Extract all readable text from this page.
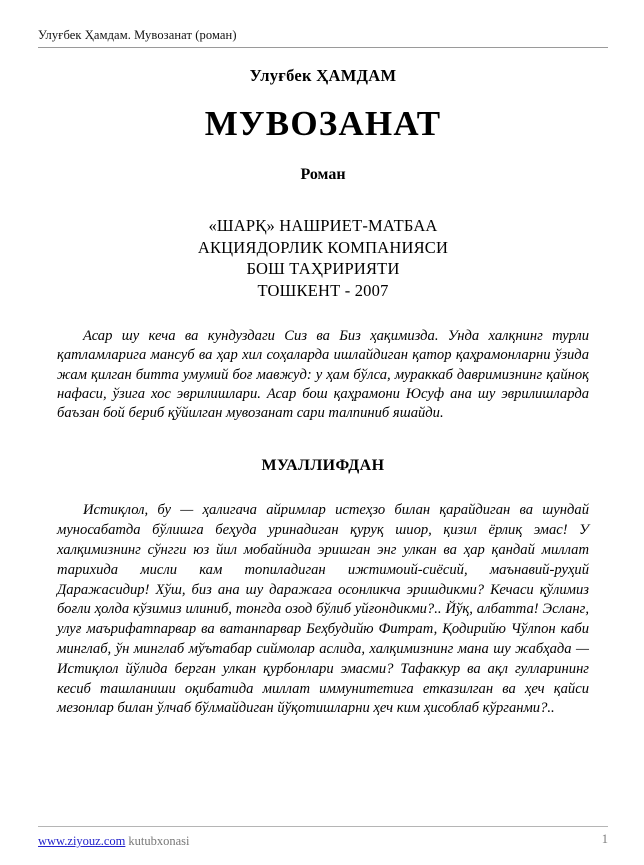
Улуғбек Ҳамдам. Мувозанат (роман)
Улуғбек ҲАМДАМ
МУВОЗАНАТ
Роман
«ШАРҚ» НАШРИЕТ-МАТБАА
АКЦИЯДОРЛИК КОМПАНИЯСИ
БОШ ТАҲРИРИЯТИ
ТОШКЕНТ - 2007

Асар шу кеча ва кундуздаги Сиз ва Биз ҳақимизда. Унда халқнинг турли қатламларига мансуб ва ҳар хил соҳаларда ишлайдиган қатор қаҳрамонларни ўзида жам қилган битта умумий боғ мавжуд: у ҳам бўлса, мураккаб давримизнинг қайноқ нафаси, ўзига хос эврилишлари. Асар бош қаҳрамони Юсуф ана шу эврилишларда баъзан бой бериб қўйилган мувозанат сари талпиниб яшайди.

МУАЛЛИФДАН

Истиқлол, бу — ҳалигача айримлар истеҳзо билан қарайдиган ва шундай муносабатда бўлишга беҳуда уринадиган қуруқ шиор, қизил ёрлиқ эмас! У халқимизнинг сўнгги юз йил мобайнида эришган энг улкан ва ҳар қандай миллат тарихида мисли кам топиладиган ижтимоий-сиёсий, маънавий-руҳий Даражасидир! Хўш, биз ана шу даражага осонликча эришдикми? Кечаси қўлимиз боғли ҳолда кўзимиз илиниб, тонгда озод бўлиб уйғондикми?.. Йўқ, албатта! Эсланг, улуғ маърифатпарвар ва ватанпарвар Беҳбудийю Фитрат, Қодирийю Чўлпон каби минглаб, ўн минглаб мўътабар сиймолар аслида, халқимизнинг мана шу жабҳада — Истиқлол йўлида берган улкан қурбонлари эмасми? Тафаккур ва ақл гулларининг кесиб ташланиши оқибатида миллат иммунитетига етказилган ва ҳеч қайси мезонлар билан ўлчаб бўлмайдиган йўқотишларни ҳеч ким ҳисоблаб кўрганми?..

www.ziyouz.com kutubxonasi	1
